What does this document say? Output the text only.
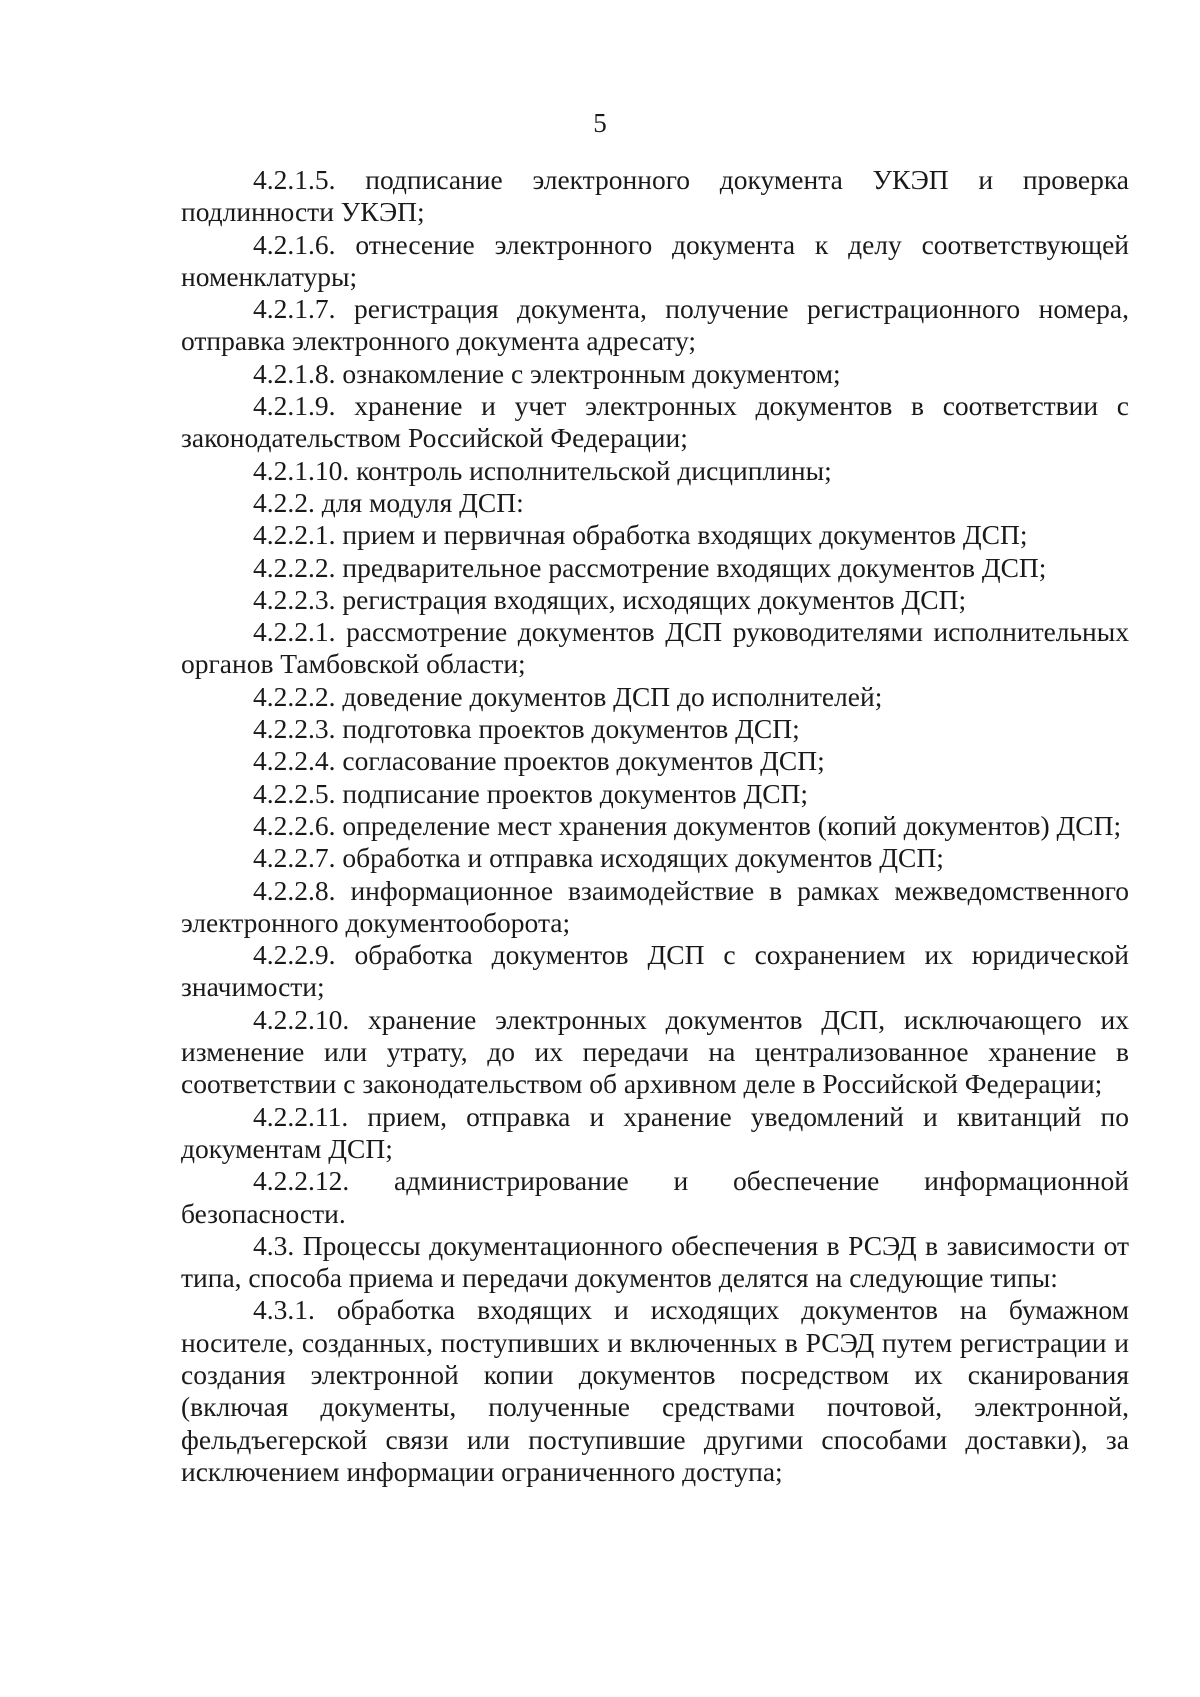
5

4.2.1.5. подписание электронного документа УКЭП и проверка подлинности УКЭП;

4.2.1.6. отнесение электронного документа к делу соответствующей номенклатуры;

4.2.1.7. регистрация документа, получение регистрационного номера, отправка электронного документа адресату;

4.2.1.8. ознакомление с электронным документом;

4.2.1.9. хранение и учет электронных документов в соответствии с законодательством Российской Федерации;

4.2.1.10. контроль исполнительской дисциплины;

4.2.2. для модуля ДСП:

4.2.2.1. прием и первичная обработка входящих документов ДСП;

4.2.2.2. предварительное рассмотрение входящих документов ДСП;

4.2.2.3. регистрация входящих, исходящих документов ДСП;

4.2.2.1. рассмотрение документов ДСП руководителями исполнительных органов Тамбовской области;

4.2.2.2. доведение документов ДСП до исполнителей;

4.2.2.3. подготовка проектов документов ДСП;

4.2.2.4. согласование проектов документов ДСП;

4.2.2.5. подписание проектов документов ДСП;

4.2.2.6. определение мест хранения документов (копий документов) ДСП;

4.2.2.7. обработка и отправка исходящих документов ДСП;

4.2.2.8. информационное взаимодействие в рамках межведомственного электронного документооборота;

4.2.2.9. обработка документов ДСП с сохранением их юридической значимости;

4.2.2.10. хранение электронных документов ДСП, исключающего их изменение или утрату, до их передачи на централизованное хранение в соответствии с законодательством об архивном деле в Российской Федерации;

4.2.2.11. прием, отправка и хранение уведомлений и квитанций по документам ДСП;

4.2.2.12. администрирование и обеспечение информационной безопасности.

4.3. Процессы документационного обеспечения в РСЭД в зависимости от типа, способа приема и передачи документов делятся на следующие типы:

4.3.1. обработка входящих и исходящих документов на бумажном носителе, созданных, поступивших и включенных в РСЭД путем регистрации и создания электронной копии документов посредством их сканирования (включая документы, полученные средствами почтовой, электронной, фельдъегерской связи или поступившие другими способами доставки), за исключением информации ограниченного доступа;
